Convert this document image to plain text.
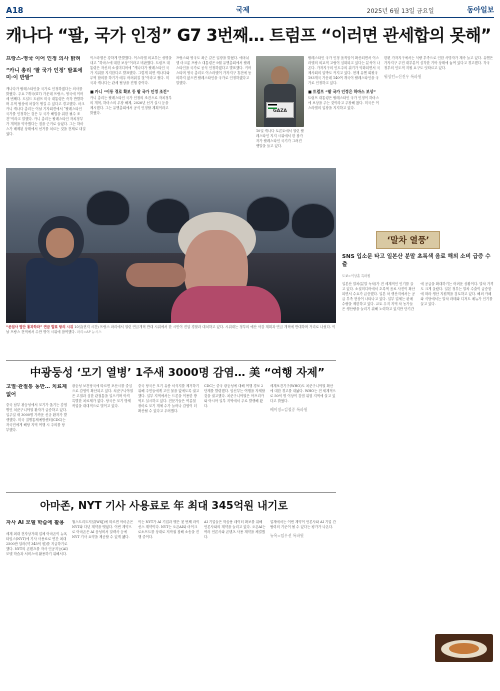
A18	국제	2025년 6월 13일 금요일	동아일보
캐나다 “팔, 국가 인정” G7 3번째… 트럼프 “이러면 관세합의 못해”
프랑스-영국 이어 인정 의사 밝혀
“카니 총리 ‘팔 국가 인정’ 발표에 미·이 반발”
캐나다가 팔레스타인을 국가로 인정하겠다는 의사를 밝혔다. 주요 7개국(G7) 가운데 프랑스, 영국에 이어 세 번째다. 도널드 트럼프 미국 대통령은 즉각 반발하며 무역 협상에 차질이 생길 수 있다고 경고했다. 마크 카니 캐나다 총리는 이날 기자회견에서 “팔레스타인 국가를 인정하는 것은 두 국가 해법을 위한 필수 조건”이라고 말했다. 카니 총리는 팔레스타인 자치정부가 개혁을 약속했다는 점을 근거로 들었다. 그는 하마스가 배제된 상태에서 선거를 치르는 것을 전제로 내걸었다.
이스라엘은 강하게 반발했다. 이스라엘 외교부는 성명을 내고 “하마스에 대한 보상”이라고 비판했다. 트럼프 대통령은 자신의 소셜미디어에 “캐나다가 팔레스타인 국가 지위를 지지한다고 발표했다. 그렇게 되면 캐나다와 무역 합의를 하기가 매우 어려워질 것”이라고 썼다. 미국과 캐나다는 관세 협상을 진행 중이다.
■ 카니 “이동 경로 확보 등 팔 국가 인정 조건”
카니 총리는 팔레스타인 국가 인정의 조건으로 자치정부의 개혁, 하마스의 무장 해제, 2026년 선거 실시 등을 제시했다. 그는 유엔총회에서 공식 인정할 계획이라고 밝혔다.
프랑스와 영국도 최근 같은 입장을 밝혔다. 에마뉘엘 마크롱 프랑스 대통령은 9월 유엔총회에서 팔레스타인을 국가로 공식 인정하겠다고 발표했다. 키어 스타머 영국 총리도 이스라엘이 가자지구 휴전에 동의하지 않으면 팔레스타인을 국가로 인정하겠다고 말했다.
10일 캐나다 토론토에서 열린 팔레스타인 지지 시위에서 한 참가자가 팔레스타인 국기가 그려진 팻말을 들고 있다.
팔레스타인 국가 인정 움직임이 확산되면서 이스라엘의 외교적 고립이 심화되고 있다는 분석이 나온다. 가자지구의 인도주의 위기가 악화되면서 국제사회의 압박도 커지고 있다. 현재 유엔 회원국 193개국 가운데 140여 개국이 팔레스타인을 국가로 인정하고 있다.
■ 트럼프 “팔 국가 인정은 하마스 보상”
트럼프 대통령은 팔레스타인 국가 인정이 하마스에 보상을 주는 것이라고 주장해 왔다. 미국은 이스라엘의 입장을 지지하고 있다.
한편 가자지구에서는 식량 부족으로 인한 사망자가 계속 늘고 있다. 유엔은 가자지구 주민 대부분이 심각한 기아 상태에 놓여 있다고 경고했다. 각국 정부의 인도적 지원 요구도 잇따르고 있다.
워싱턴=신진우 특파원
GAZA
“존엄사 법안 통과하라” 연금 발표 항의 시위 10일(현지 시간) 프랑스 파리에서 열린 연금개혁 반대 시위에서 한 시민이 진압 경찰과 대치하고 있다. 시위대는 정부의 예산 삭감 계획과 연금 개혁에 반대하며 거리로 나섰다. 이날 프랑스 전역에서 수만 명이 시위에 참여했다. 파리=AP 뉴시스
‘말차 열풍’
SNS 입소문 타고 일본산 분말 초록색 음료 해외 소비 급증 수출
도쿄=이상훈 특파원
일본산 말차(분말 녹차)가 전 세계적인 인기를 끌고 있다. 소셜미디어에서 초록색 음료 사진이 확산되면서 수요가 급증했다. 일본 차 생산지에서는 공급 부족 현상이 나타나고 있다. 일부 업체는 판매 수량을 제한하고 있다. 교토 우지 지역 차 농가들은 생산량을 늘리기 위해 노력하고 있지만 단기간에 공급을 확대하기는 어려운 상황이다. 말차 가격도 크게 올랐다. 일본 정부는 말차 수출이 급증함에 따라 생산 지원책을 검토하고 있다. 해외 카페와 식당에서는 말차 라테와 디저트 메뉴가 인기를 끌고 있다.
中광둥성 ‘모기 열병’ 1주새 3000명 감염… 美 “여행 자제”
고열·관절통 동반… 치료제 없어
중국 남부 광둥성에서 모기가 옮기는 감염병인 치쿤구니야열 환자가 급증하고 있다. 일주일 새 3000명 가까운 신규 환자가 발생했다. 미국 질병통제예방센터(CDC)는 자국민에게 해당 지역 여행 시 주의를 당부했다.
광둥성 보건당국에 따르면 포산시를 중심으로 감염이 확산되고 있다. 치쿤구니야열은 고열과 심한 관절통을 일으키며 아직 특별한 치료제가 없다. 당국은 모기 방제 작업을 대대적으로 벌이고 있다.
중국 당국은 모기 유충 서식지를 제거하기 위해 주민들에게 고인 물을 없애도록 권고했다. 일부 지역에서는 드론을 이용한 방역도 실시하고 있다. 전문가들은 여름철 장마로 모기 개체 수가 늘어나 감염이 더 확산될 수 있다고 우려했다.
CDC는 중국 광둥성에 대해 여행 경보 2단계를 발령했다. 임신부는 여행을 자제할 것을 권고했다. 치쿤구니야열은 아프리카와 아시아 일부 지역에서 주로 발생해 왔다.
세계보건기구(WHO)도 치쿤구니야열 확산에 대한 경고를 내놨다. WHO는 전 세계적으로 50억 명 이상이 감염 위험 지역에 살고 있다고 밝혔다.
베이징=김철중 특파원
아마존, NYT 기사 사용료로 年 최대 345억원 내기로
자사 AI 모델 학습에 활용
세계 최대 전자상거래 업체 아마존이 뉴욕타임스(NYT)에 기사 사용료로 연간 최대 2500만 달러(약 345억 원)를 지급하기로 했다. NYT의 콘텐츠를 자사 인공지능(AI) 모델 학습과 서비스에 활용하기 위해서다.
월스트리트저널(WSJ)에 따르면 아마존은 NYT와 다년 계약을 맺었다. 이번 계약으로 아마존은 AI 음성비서 알렉사 등에 NYT 기사 요약을 제공할 수 있게 됐다.
이는 NYT가 AI 기업과 맺은 첫 번째 라이선스 계약이다. NYT는 오픈AI와 마이크로소프트를 상대로 저작권 침해 소송을 진행 중이다.
AI 기업들은 학습용 데이터 확보를 위해 언론사와의 계약을 늘리고 있다. 오픈AI는 여러 언론사와 콘텐츠 사용 계약을 체결했다.
업계에서는 이번 계약이 언론사와 AI 기업 간 협력의 기준이 될 수 있다는 평가가 나온다.
뉴욕=임우선 특파원
